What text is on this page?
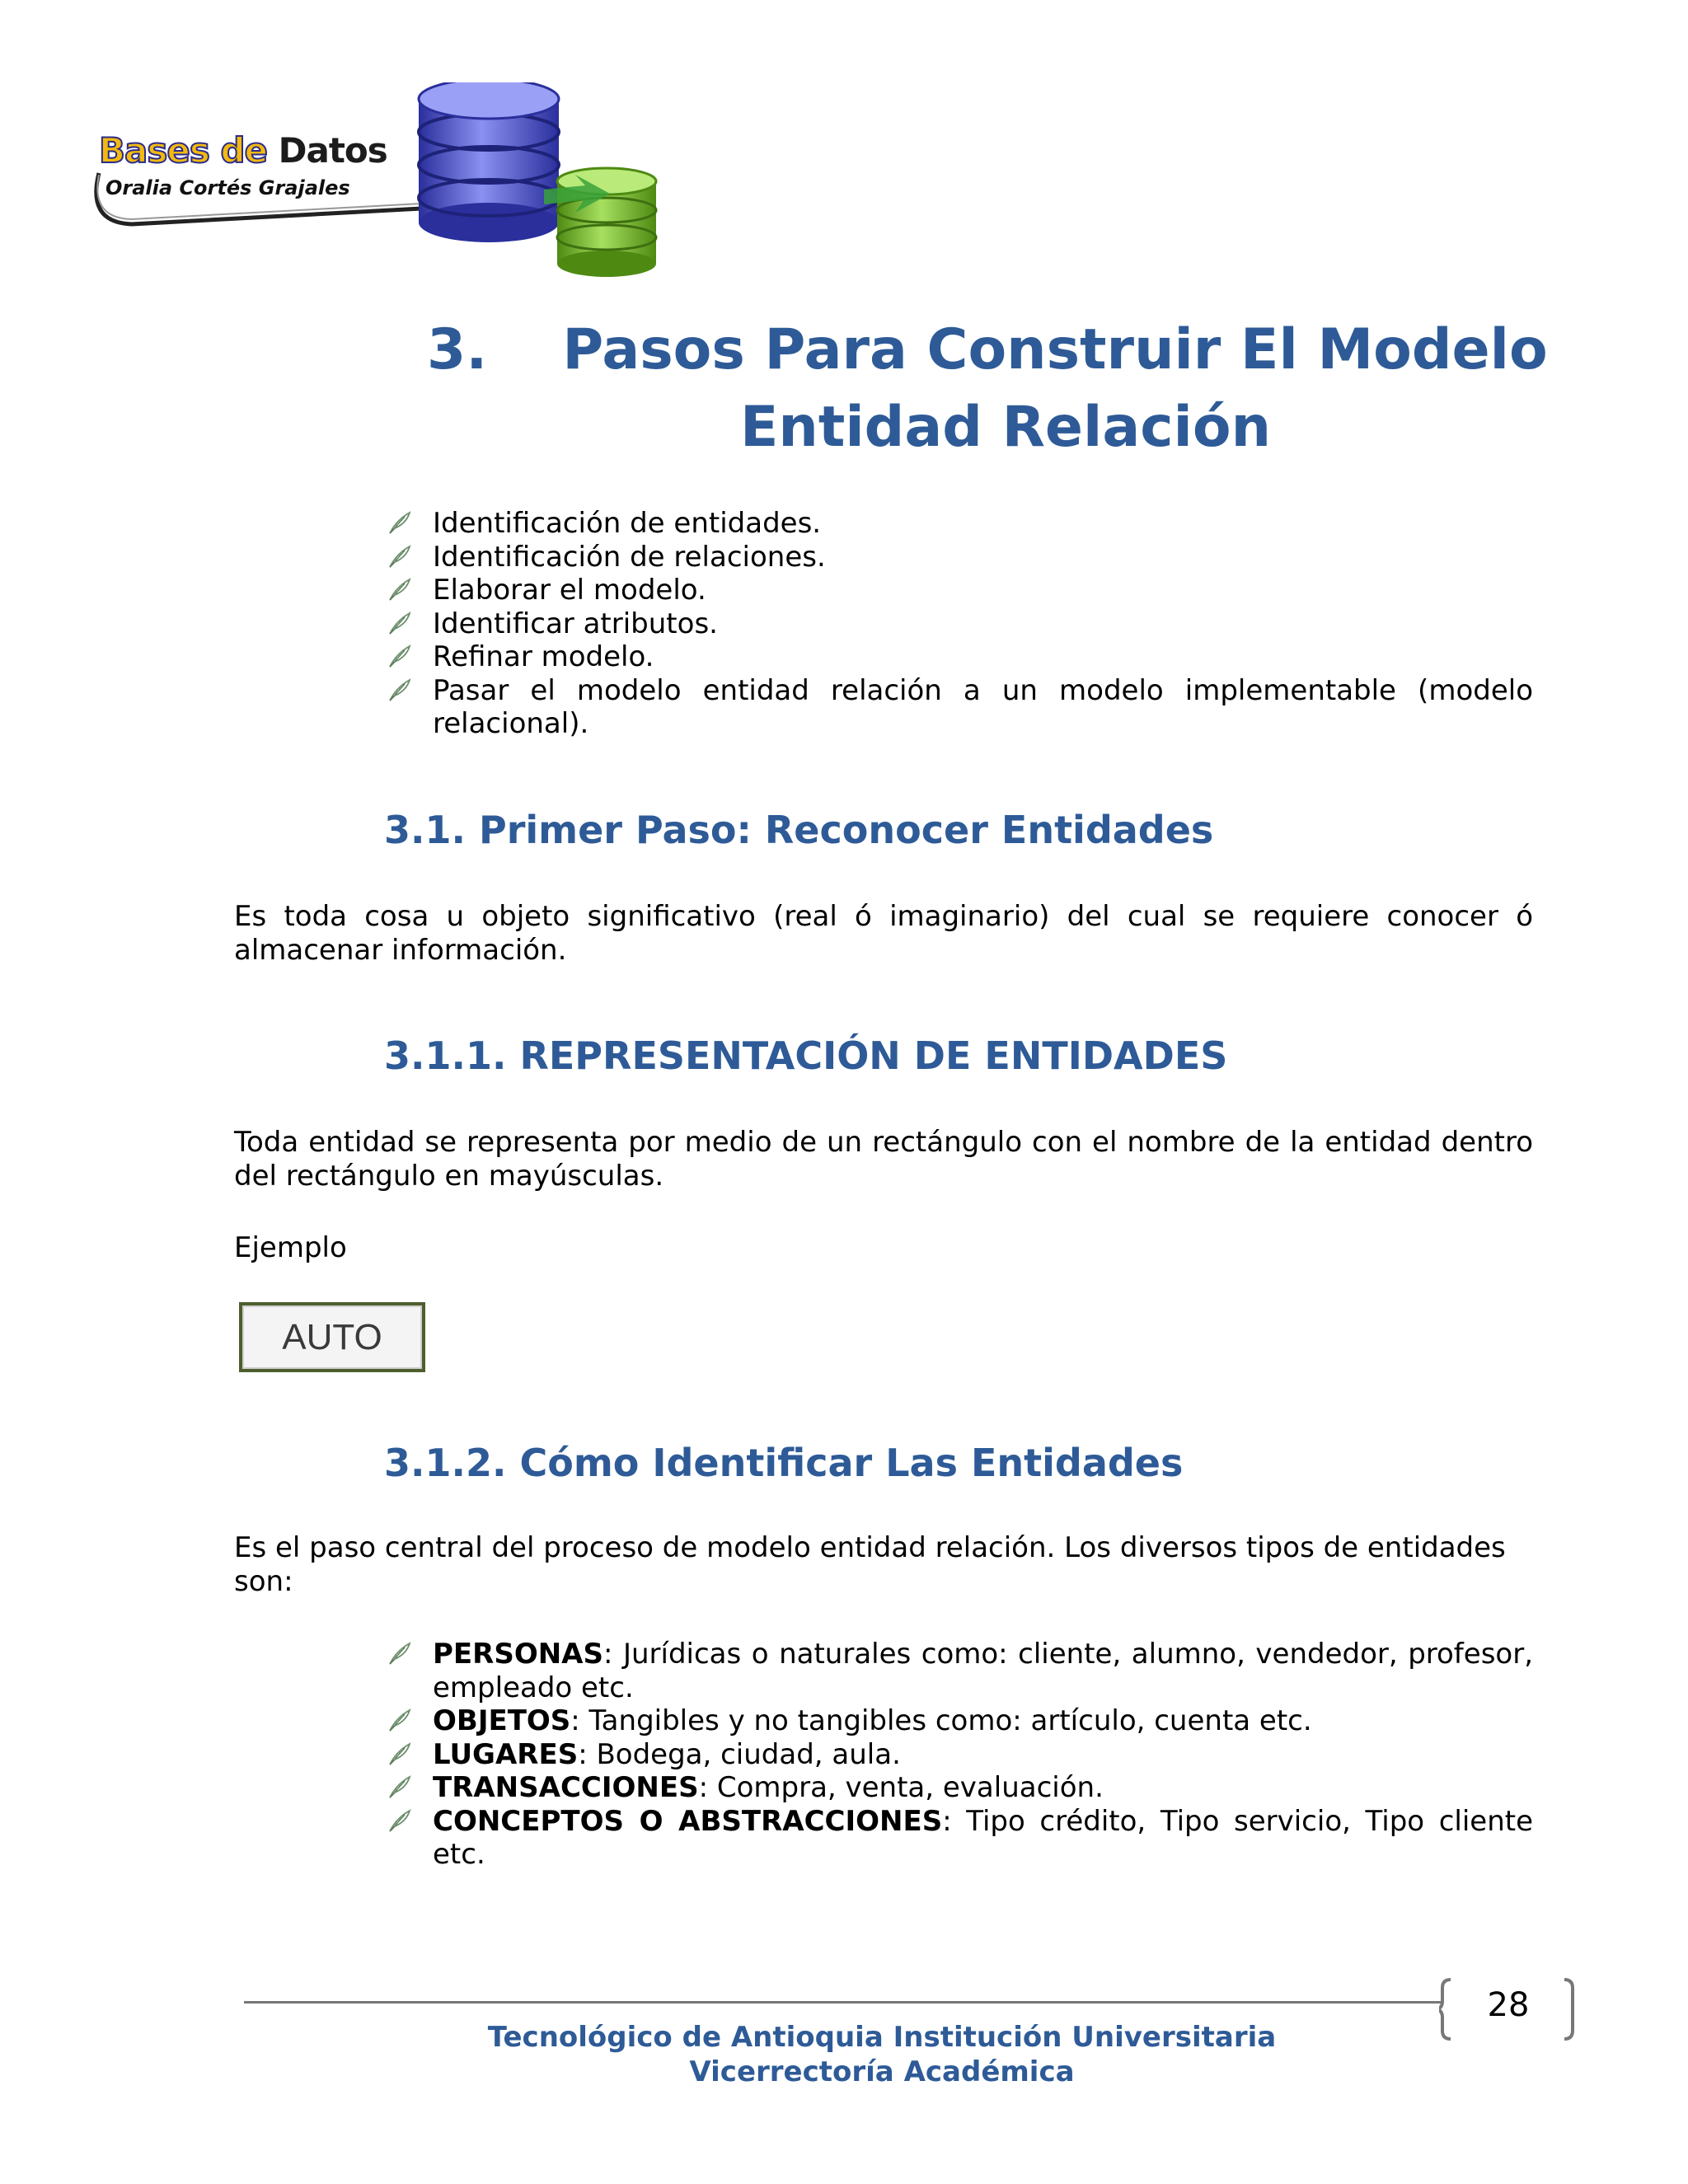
Bases de Datos
Oralia Cortés Grajales
3.	Pasos Para Construir El Modelo
Entidad Relación
Identificación de entidades.
Identificación de relaciones.
Elaborar el modelo.
Identificar atributos.
Refinar modelo.
Pasar el modelo entidad relación a un modelo implementable (modelo relacional).
3.1. Primer Paso: Reconocer Entidades

Es toda cosa u objeto significativo (real ó imaginario) del cual se requiere conocer ó almacenar información.

3.1.1. REPRESENTACIÓN DE ENTIDADES

Toda entidad se representa por medio de un rectángulo con el nombre de la entidad dentro del rectángulo en mayúsculas.

Ejemplo

AUTO
3.1.2. Cómo Identificar Las Entidades

Es el paso central del proceso de modelo entidad relación. Los diversos tipos de entidades son:

PERSONAS: Jurídicas o naturales como: cliente, alumno, vendedor, profesor, empleado etc.
OBJETOS: Tangibles y no tangibles como: artículo, cuenta etc.
LUGARES: Bodega, ciudad, aula.
TRANSACCIONES: Compra, venta, evaluación.
CONCEPTOS O ABSTRACCIONES: Tipo crédito, Tipo servicio, Tipo cliente etc.
28
Tecnológico de Antioquia Institución Universitaria
Vicerrectoría Académica
